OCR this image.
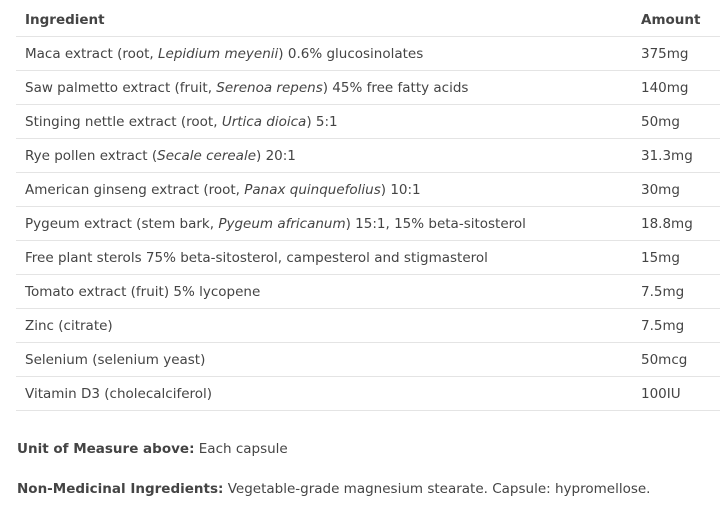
Ingredient	Amount
Maca extract (root, Lepidium meyenii) 0.6% glucosinolates	375mg
Saw palmetto extract (fruit, Serenoa repens) 45% free fatty acids	140mg
Stinging nettle extract (root, Urtica dioica) 5:1	50mg
Rye pollen extract (Secale cereale) 20:1	31.3mg
American ginseng extract (root, Panax quinquefolius) 10:1	30mg
Pygeum extract (stem bark, Pygeum africanum) 15:1, 15% beta-sitosterol	18.8mg
Free plant sterols 75% beta-sitosterol, campesterol and stigmasterol	15mg
Tomato extract (fruit) 5% lycopene	7.5mg
Zinc (citrate)	7.5mg
Selenium (selenium yeast)	50mcg
Vitamin D3 (cholecalciferol)	100IU
Unit of Measure above: Each capsule
Non-Medicinal Ingredients: Vegetable-grade magnesium stearate. Capsule: hypromellose.
